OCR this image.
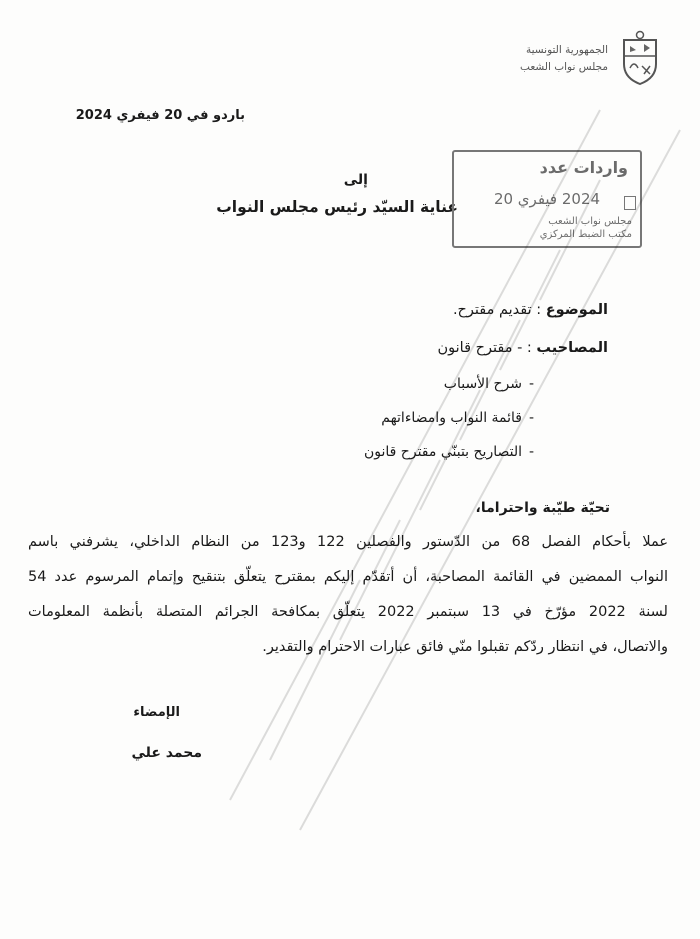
الجمهورية التونسية
مجلس نواب الشعب
باردو في 20 فيفري 2024
إلى
عناية السيّد رئيس مجلس النواب
واردات عدد
2024 فيفري 20
مجلس نواب الشعب
مكتب الضبط المركزي
الموضوع : تقديم مقترح.
المصاحيب : - مقترح قانون
-
شرح الأسباب
-
قائمة النواب وامضاءاتهم
-
التصاريح بتبنّي مقترح قانون
تحيّة طيّبة واحتراما،
عملا بأحكام الفصل 68 من الدّستور والفصلين 122 و123 من النظام الداخلي، يشرفني باسم
النواب الممضين في القائمة المصاحبة، أن أتقدّم إليكم بمقترح يتعلّق بتنقيح وإتمام المرسوم عدد 54
لسنة 2022 مؤرّخ في 13 سبتمبر 2022 يتعلّق بمكافحة الجرائم المتصلة بأنظمة المعلومات
والاتصال، في انتظار ردّكم تقبلوا منّي فائق عبارات الاحترام والتقدير.
الإمضاء
محمد علي
